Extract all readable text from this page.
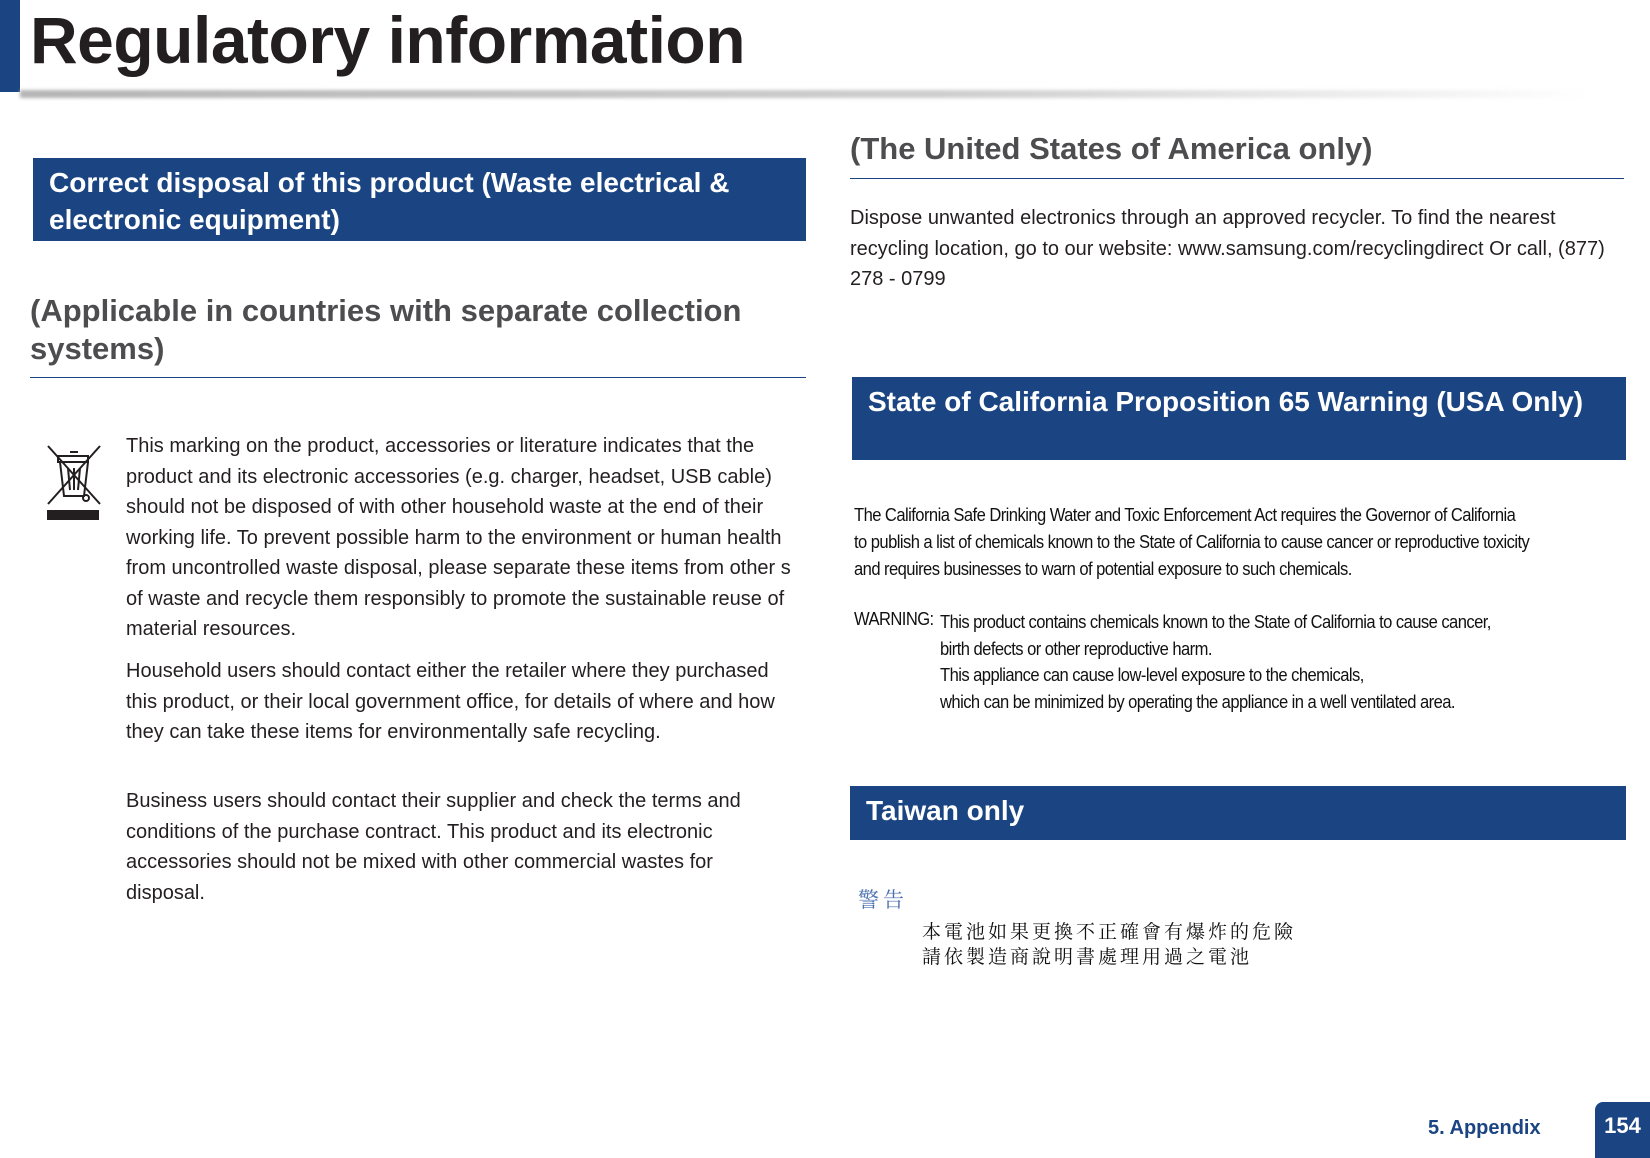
Regulatory information
Correct disposal of this product (Waste electrical & electronic equipment)
(Applicable in countries with separate collection systems)

This marking on the product, accessories or literature indicates that the product and its electronic accessories (e.g. charger, headset, USB cable) should not be disposed of with other household waste at the end of their working life. To prevent possible harm to the environment or human health from uncontrolled waste disposal, please separate these items from other s of waste and recycle them responsibly to promote the sustainable reuse of material resources.

Household users should contact either the retailer where they purchased this product, or their local government office, for details of where and how they can take these items for environmentally safe recycling.

Business users should contact their supplier and check the terms and conditions of the purchase contract. This product and its electronic accessories should not be mixed with other commercial wastes for disposal.

(The United States of America only)

Dispose unwanted electronics through an approved recycler. To find the nearest recycling location, go to our website: www.samsung.com/recyclingdirect Or call, (877) 278 - 0799

State of California Proposition 65 Warning (USA Only)
The California Safe Drinking Water and Toxic Enforcement Act requires the Governor of California
to publish a list of chemicals known to the State of California to cause cancer or reproductive toxicity
and requires businesses to warn of potential exposure to such chemicals.
WARNING: This product contains chemicals known to the State of California to cause cancer,
birth defects or other reproductive harm.
This appliance can cause low-level exposure to the chemicals,
which can be minimized by operating the appliance in a well ventilated area.
Taiwan only
警告
本電池如果更換不正確會有爆炸的危險
請依製造商說明書處理用過之電池
5. Appendix	154
